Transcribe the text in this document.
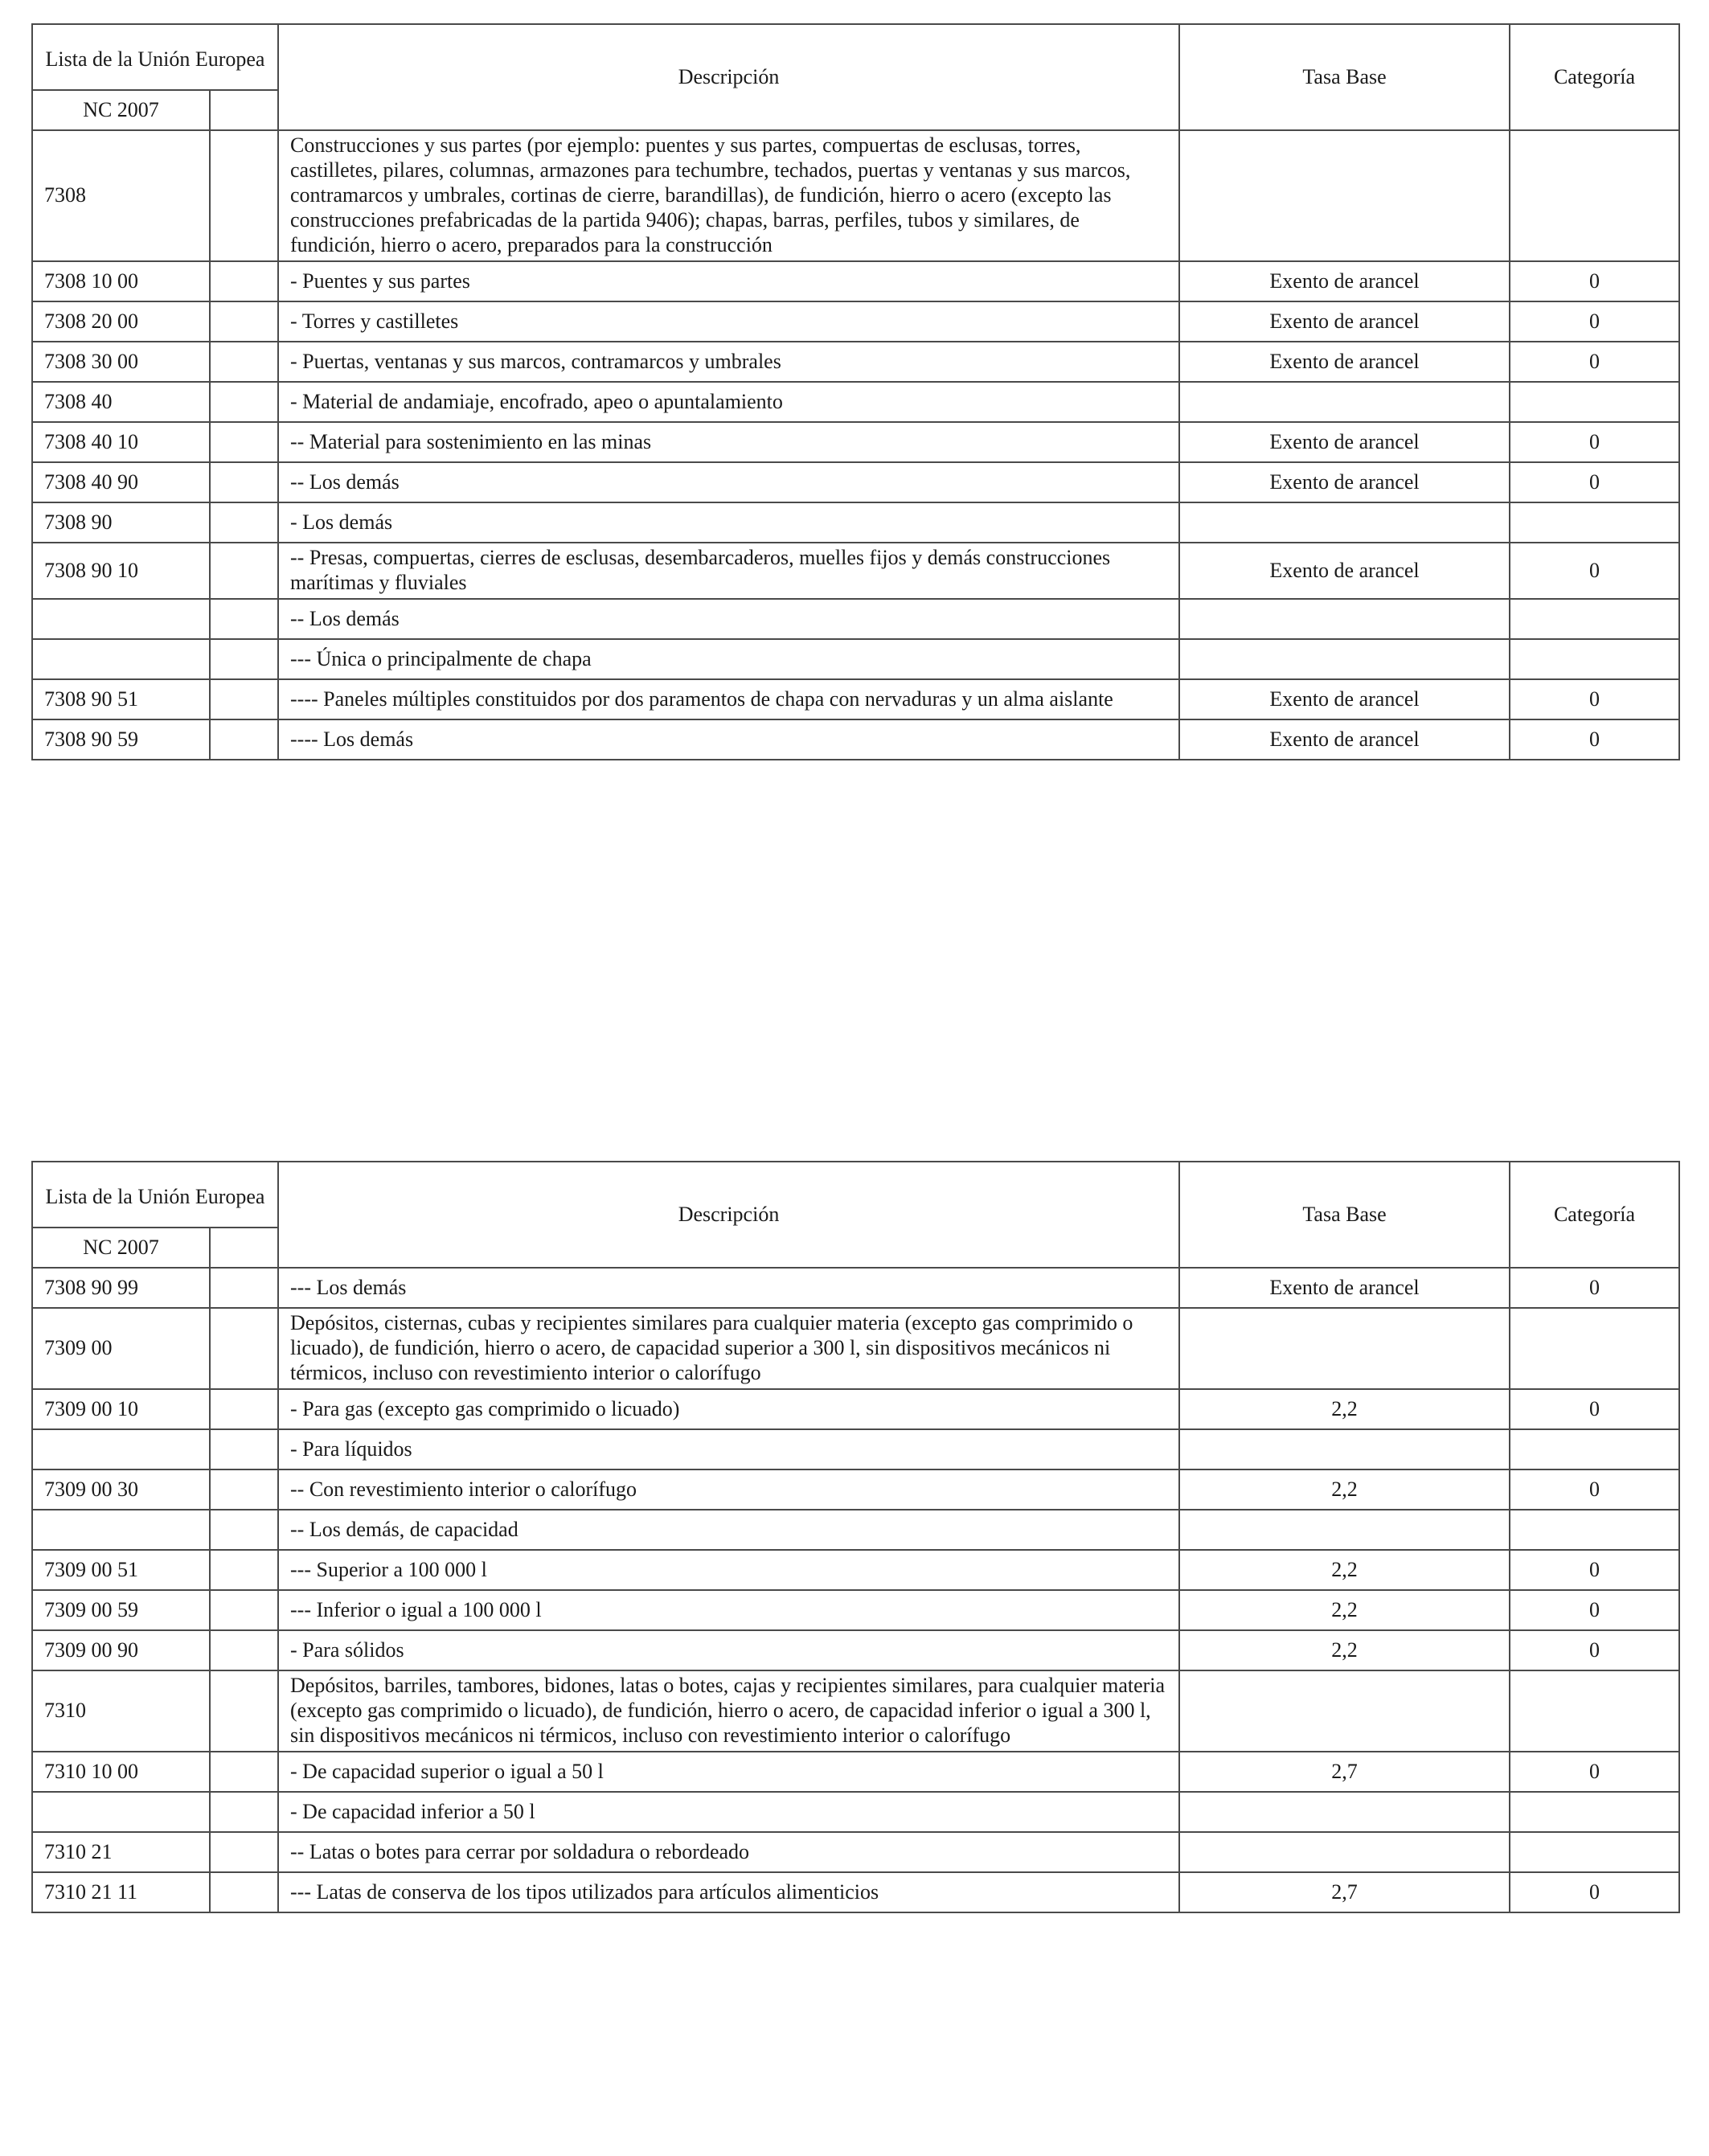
Lista de la Unión Europea		Descripción	Tasa Base	Categoría
NC 2007				
7308		Construcciones y sus partes (por ejemplo: puentes y sus partes, compuertas de esclusas, torres, castilletes, pilares, columnas, armazones para techumbre, techados, puertas y ventanas y sus marcos, contramarcos y umbrales, cortinas de cierre, barandillas), de fundición, hierro o acero (excepto las construcciones prefabricadas de la partida 9406); chapas, barras, perfiles, tubos y similares, de fundición, hierro o acero, preparados para la construcción		
7308 10 00		- Puentes y sus partes	Exento de arancel	0
7308 20 00		- Torres y castilletes	Exento de arancel	0
7308 30 00		- Puertas, ventanas y sus marcos, contramarcos y umbrales	Exento de arancel	0
7308 40		- Material de andamiaje, encofrado, apeo o apuntalamiento		
7308 40 10		-- Material para sostenimiento en las minas	Exento de arancel	0
7308 40 90		-- Los demás	Exento de arancel	0
7308 90		- Los demás		
7308 90 10		-- Presas, compuertas, cierres de esclusas, desembarcaderos, muelles fijos y demás construcciones marítimas y fluviales	Exento de arancel	0
		-- Los demás		
		--- Única o principalmente de chapa		
7308 90 51		---- Paneles múltiples constituidos por dos paramentos de chapa con nervaduras y un alma aislante	Exento de arancel	0
7308 90 59		---- Los demás	Exento de arancel	0
Lista de la Unión Europea		Descripción	Tasa Base	Categoría
NC 2007				
7308 90 99		--- Los demás	Exento de arancel	0
7309 00		Depósitos, cisternas, cubas y recipientes similares para cualquier materia (excepto gas comprimido o licuado), de fundición, hierro o acero, de capacidad superior a 300 l, sin dispositivos mecánicos ni térmicos, incluso con revestimiento interior o calorífugo		
7309 00 10		- Para gas (excepto gas comprimido o licuado)	2,2	0
		- Para líquidos		
7309 00 30		-- Con revestimiento interior o calorífugo	2,2	0
		-- Los demás, de capacidad		
7309 00 51		--- Superior a 100 000 l	2,2	0
7309 00 59		--- Inferior o igual a 100 000 l	2,2	0
7309 00 90		- Para sólidos	2,2	0
7310		Depósitos, barriles, tambores, bidones, latas o botes, cajas y recipientes similares, para cualquier materia (excepto gas comprimido o licuado), de fundición, hierro o acero, de capacidad inferior o igual a 300 l, sin dispositivos mecánicos ni térmicos, incluso con revestimiento interior o calorífugo		
7310 10 00		- De capacidad superior o igual a 50 l	2,7	0
		- De capacidad inferior a 50 l		
7310 21		-- Latas o botes para cerrar por soldadura o rebordeado		
7310 21 11		--- Latas de conserva de los tipos utilizados para artículos alimenticios	2,7	0
